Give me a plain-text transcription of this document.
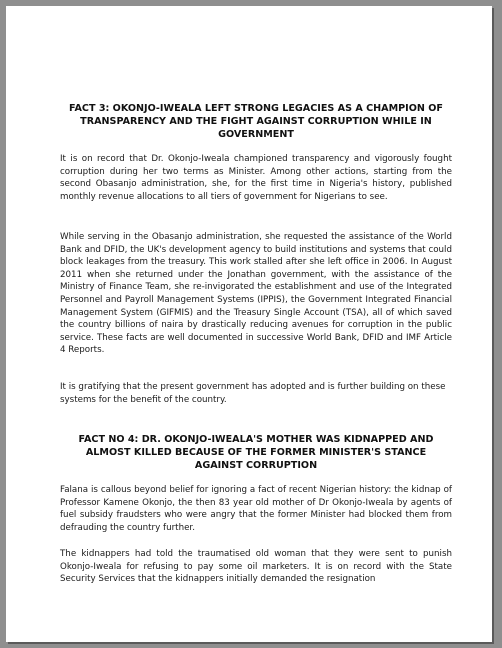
FACT 3: OKONJO-IWEALA LEFT STRONG LEGACIES AS A CHAMPION OF TRANSPARENCY AND THE FIGHT AGAINST CORRUPTION WHILE IN GOVERNMENT

It is on record that Dr. Okonjo-Iweala championed transparency and vigorously fought corruption during her two terms as Minister. Among other actions, starting from the second Obasanjo administration, she, for the first time in Nigeria's history, published monthly revenue allocations to all tiers of government for Nigerians to see.

While serving in the Obasanjo administration, she requested the assistance of the World Bank and DFID, the UK's development agency to build institutions and systems that could block leakages from the treasury. This work stalled after she left office in 2006. In August 2011 when she returned under the Jonathan government, with the assistance of the Ministry of Finance Team, she re-invigorated the establishment and use of the Integrated Personnel and Payroll Management Systems (IPPIS), the Government Integrated Financial Management System (GIFMIS) and the Treasury Single Account (TSA), all of which saved the country billions of naira by drastically reducing avenues for corruption in the public service. These facts are well documented in successive World Bank, DFID and IMF Article 4 Reports.

It is gratifying that the present government has adopted and is further building on these systems for the benefit of the country.

FACT NO 4: DR. OKONJO-IWEALA'S MOTHER WAS KIDNAPPED AND ALMOST KILLED BECAUSE OF THE FORMER MINISTER'S STANCE AGAINST CORRUPTION

Falana is callous beyond belief for ignoring a fact of recent Nigerian history: the kidnap of Professor Kamene Okonjo, the then 83 year old mother of Dr Okonjo-Iweala by agents of fuel subsidy fraudsters who were angry that the former Minister had blocked them from defrauding the country further.

The kidnappers had told the traumatised old woman that they were sent to punish Okonjo-Iweala for refusing to pay some oil marketers. It is on record with the State Security Services that the kidnappers initially demanded the resignation
